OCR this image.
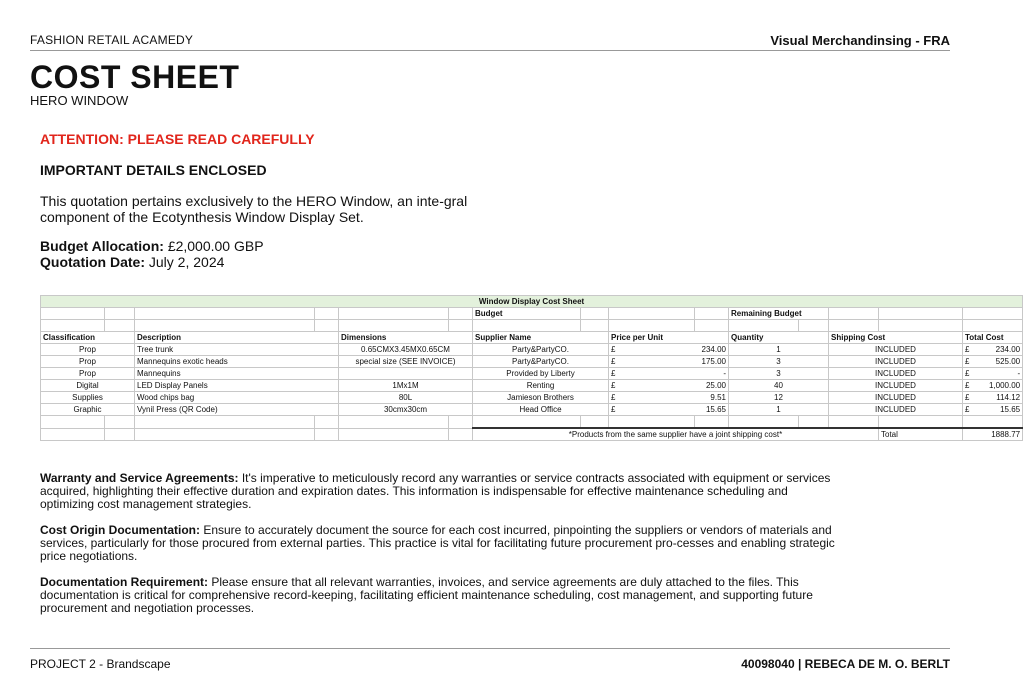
FASHION RETAIL ACAMEDY	Visual Merchandinsing - FRA
COST SHEET
HERO WINDOW
ATTENTION: PLEASE READ CAREFULLY
IMPORTANT DETAILS ENCLOSED
This quotation pertains exclusively to the HERO Window, an inte-gral component of the Ecotynthesis Window Display Set.
Budget Allocation: £2,000.00 GBP
Quotation Date: July 2, 2024
Window Display Cost Sheet														
						Budget				Remaining Budget				

Classification		Description		Dimensions		Supplier Name		Price per Unit		Quantity		Shipping Cost		Total Cost
Prop		Tree trunk		0.65CMX3.45MX0.65CM		Party&PartyCO.		£ 234.00		1		INCLUDED		£ 234.00

Prop		Mannequins exotic heads		special size (SEE INVOICE)		Party&PartyCO.		£ 175.00		3		INCLUDED		£ 525.00

Prop		Mannequins				Provided by Liberty		£ -		3		INCLUDED		£ -

Digital		LED Display Panels		1Mx1M		Renting		£ 25.00		40		INCLUDED		£ 1,000.00

Supplies		Wood chips bag		80L		Jamieson Brothers		£ 9.51		12		INCLUDED		£ 114.12

Graphic		Vynil Press (QR Code)		30cmx30cm		Head Office		£ 15.65		1		INCLUDED		£ 15.65

						*Products from the same supplier have a joint shipping cost*							Total	1888.77
Warranty and Service Agreements: It's imperative to meticulously record any warranties or service contracts associated with equipment or services acquired, highlighting their effective duration and expiration dates. This information is indispensable for effective maintenance scheduling and optimizing cost management strategies.
Cost Origin Documentation: Ensure to accurately document the source for each cost incurred, pinpointing the suppliers or vendors of materials and services, particularly for those procured from external parties. This practice is vital for facilitating future procurement pro-cesses and enabling strategic price negotiations.
Documentation Requirement: Please ensure that all relevant warranties, invoices, and service agreements are duly attached to the files. This documentation is critical for comprehensive record-keeping, facilitating efficient maintenance scheduling, cost management, and supporting future procurement and negotiation processes.
PROJECT 2 - Brandscape	40098040 | REBECA DE M. O. BERLT
